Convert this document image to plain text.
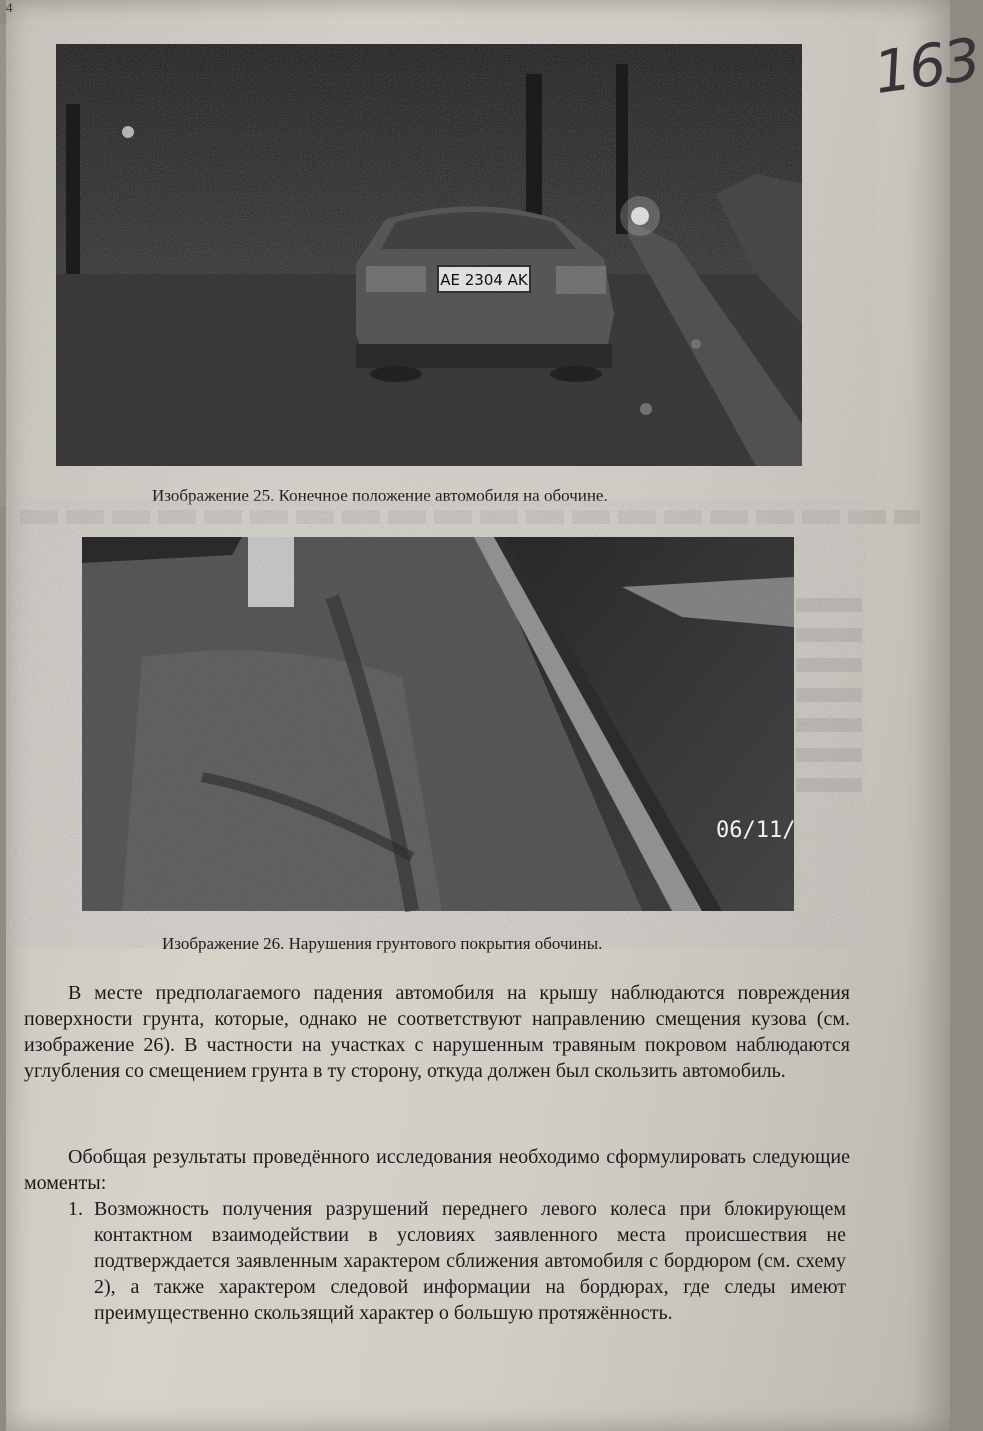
4
163
AE 2304 AK
Изображение 25. Конечное положение автомобиля на обочине.
06/11/
Изображение 26. Нарушения грунтового покрытия обочины.

В месте предполагаемого падения автомобиля на крышу наблюдаются повреждения поверхности грунта, которые, однако не соответствуют направлению смещения кузова (см. изображение 26). В частности на участках с нарушенным травяным покровом наблюдаются углубления со смещением грунта в ту сторону, откуда должен был скользить автомобиль.

Обобщая результаты проведённого исследования необходимо сформулировать следующие моменты:

1. Возможность получения разрушений переднего левого колеса при блокирующем контактном взаимодействии в условиях заявленного места происшествия не подтверждается заявленным характером сближения автомобиля с бордюром (см. схему 2), а также характером следовой информации на бордюрах, где следы имеют преимущественно скользящий характер о большую протяжённость.
